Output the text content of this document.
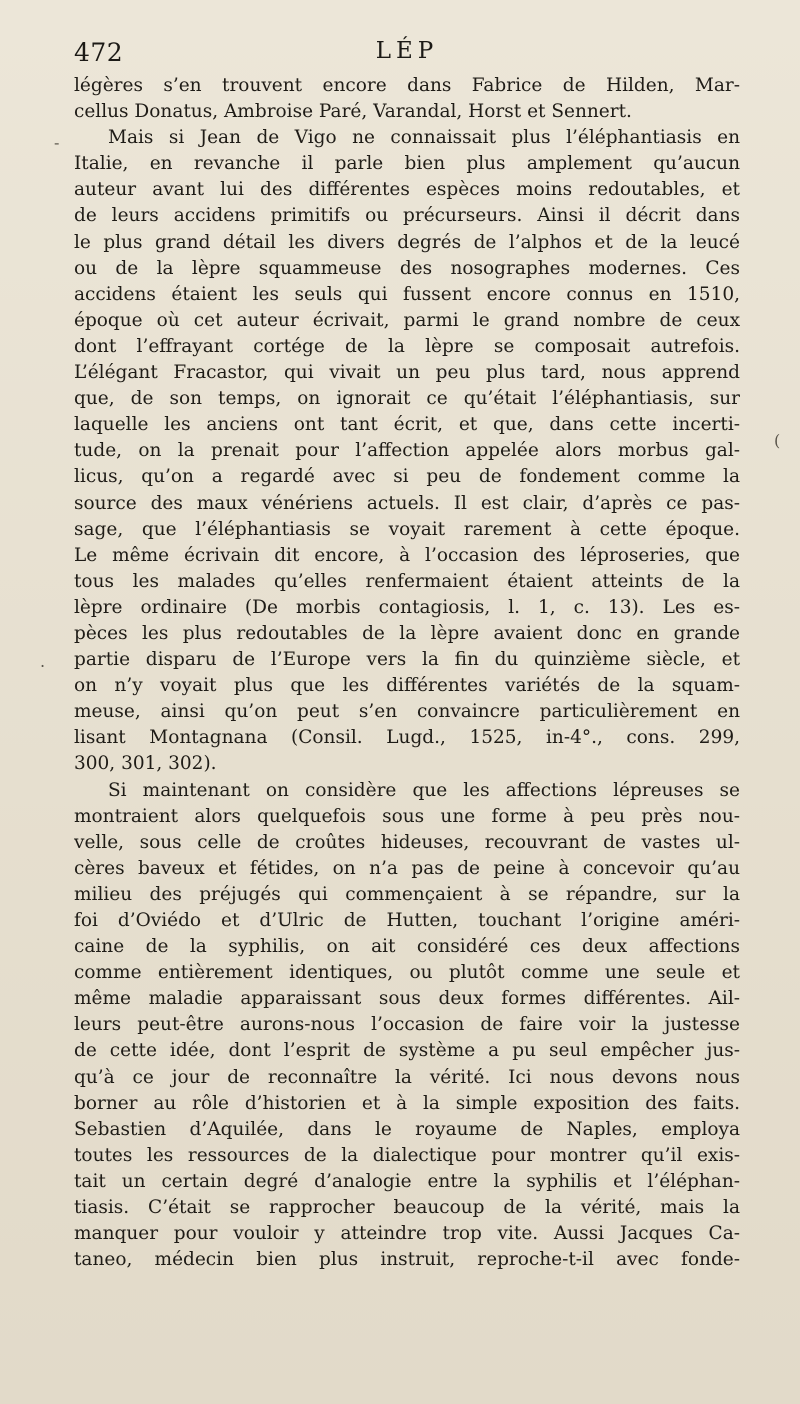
472	LÉP
-
(
.
légères s’en trouvent encore dans Fabrice de Hilden, Mar-
cellus Donatus, Ambroise Paré, Varandal, Horst et Sennert.
Mais si Jean de Vigo ne connaissait plus l’éléphantiasis en
Italie, en revanche il parle bien plus amplement qu’aucun
auteur avant lui des différentes espèces moins redoutables, et
de leurs accidens primitifs ou précurseurs. Ainsi il décrit dans
le plus grand détail les divers degrés de l’alphos et de la leucé
ou de la lèpre squammeuse des nosographes modernes. Ces
accidens étaient les seuls qui fussent encore connus en 1510,
époque où cet auteur écrivait, parmi le grand nombre de ceux
dont l’effrayant cortége de la lèpre se composait autrefois.
L’élégant Fracastor, qui vivait un peu plus tard, nous apprend
que, de son temps, on ignorait ce qu’était l’éléphantiasis, sur
laquelle les anciens ont tant écrit, et que, dans cette incerti-
tude, on la prenait pour l’affection appelée alors morbus gal-
licus, qu’on a regardé avec si peu de fondement comme la
source des maux vénériens actuels. Il est clair, d’après ce pas-
sage, que l’éléphantiasis se voyait rarement à cette époque.
Le même écrivain dit encore, à l’occasion des léproseries, que
tous les malades qu’elles renfermaient étaient atteints de la
lèpre ordinaire (De morbis contagiosis, l. 1, c. 13). Les es-
pèces les plus redoutables de la lèpre avaient donc en grande
partie disparu de l’Europe vers la fin du quinzième siècle, et
on n’y voyait plus que les différentes variétés de la squam-
meuse, ainsi qu’on peut s’en convaincre particulièrement en
lisant Montagnana (Consil. Lugd., 1525, in-4°., cons. 299,
300, 301, 302).
Si maintenant on considère que les affections lépreuses se
montraient alors quelquefois sous une forme à peu près nou-
velle, sous celle de croûtes hideuses, recouvrant de vastes ul-
cères baveux et fétides, on n’a pas de peine à concevoir qu’au
milieu des préjugés qui commençaient à se répandre, sur la
foi d’Oviédo et d’Ulric de Hutten, touchant l’origine améri-
caine de la syphilis, on ait considéré ces deux affections
comme entièrement identiques, ou plutôt comme une seule et
même maladie apparaissant sous deux formes différentes. Ail-
leurs peut-être aurons-nous l’occasion de faire voir la justesse
de cette idée, dont l’esprit de système a pu seul empêcher jus-
qu’à ce jour de reconnaître la vérité. Ici nous devons nous
borner au rôle d’historien et à la simple exposition des faits.
Sebastien d’Aquilée, dans le royaume de Naples, employa
toutes les ressources de la dialectique pour montrer qu’il exis-
tait un certain degré d’analogie entre la syphilis et l’éléphan-
tiasis. C’était se rapprocher beaucoup de la vérité, mais la
manquer pour vouloir y atteindre trop vite. Aussi Jacques Ca-
taneo, médecin bien plus instruit, reproche-t-il avec fonde-
